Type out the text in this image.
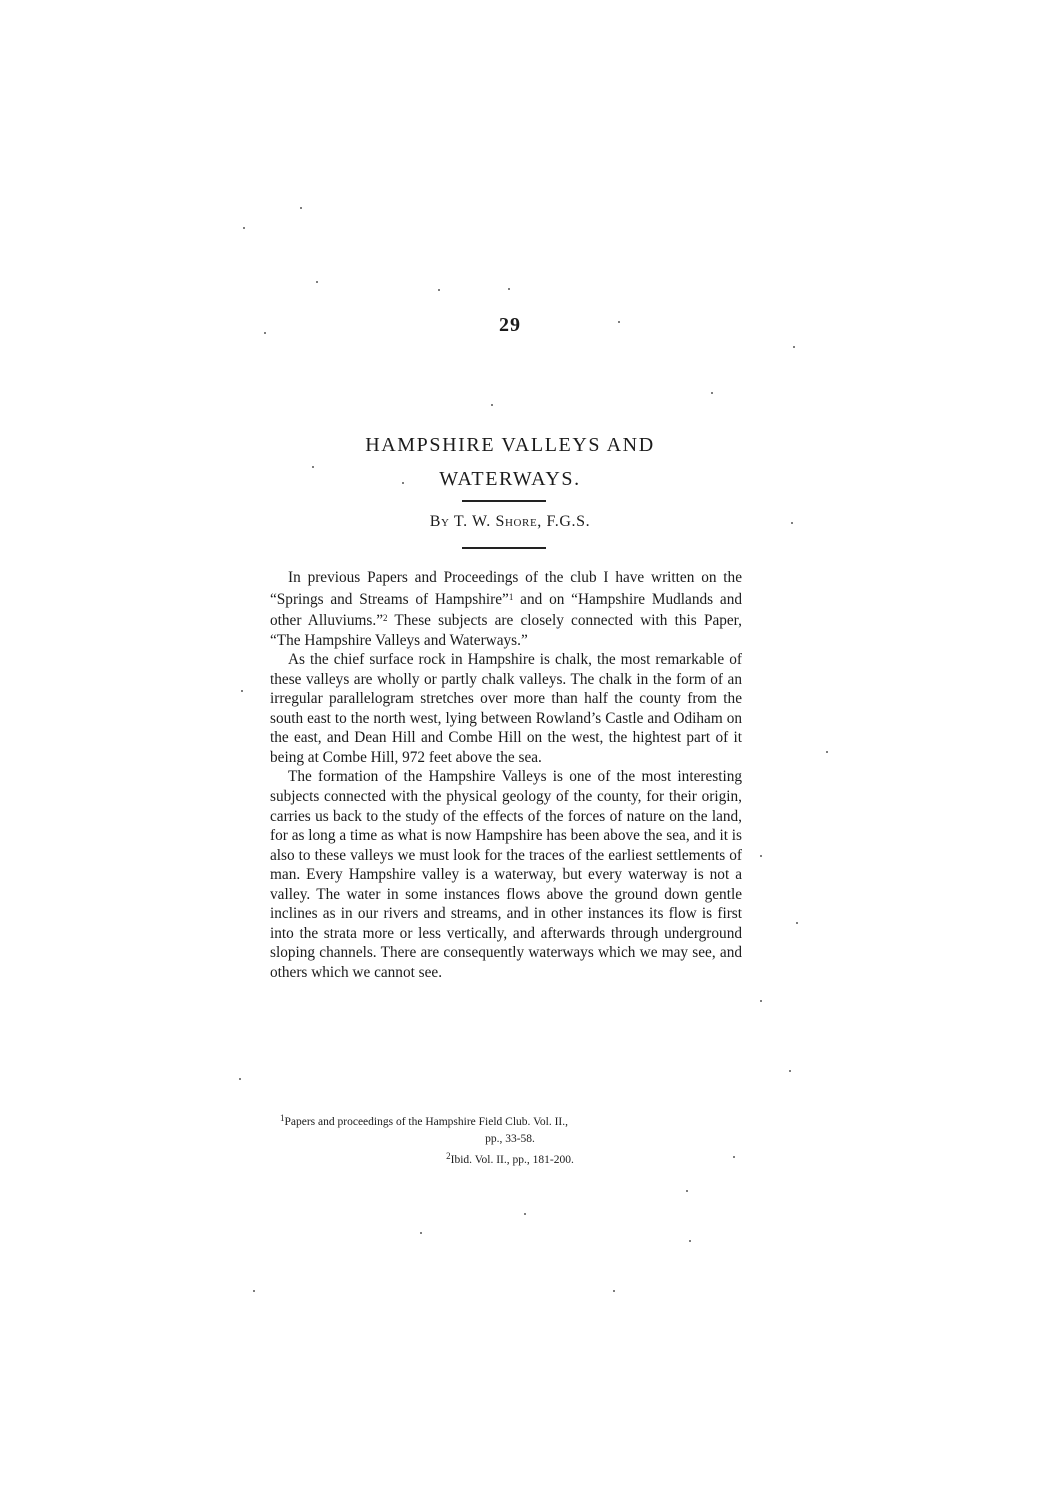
29
HAMPSHIRE VALLEYS AND
WATERWAYS.
By T. W. Shore, F.G.S.

In previous Papers and Proceedings of the club I have written on the “Springs and Streams of Hampshire”$^1$ and on “Hampshire Mudlands and other Alluviums.”$^2$ These subjects are closely connected with this Paper, “The Hampshire Valleys and Waterways.”

As the chief surface rock in Hampshire is chalk, the most remarkable of these valleys are wholly or partly chalk valleys. The chalk in the form of an irregular parallelogram stretches over more than half the county from the south east to the north west, lying between Rowland’s Castle and Odiham on the east, and Dean Hill and Combe Hill on the west, the hightest part of it being at Combe Hill, 972 feet above the sea.

The formation of the Hampshire Valleys is one of the most interesting subjects connected with the physical geology of the county, for their origin, carries us back to the study of the effects of the forces of nature on the land, for as long a time as what is now Hampshire has been above the sea, and it is also to these valleys we must look for the traces of the earliest settlements of man. Every Hampshire valley is a waterway, but every waterway is not a valley. The water in some instances flows above the ground down gentle inclines as in our rivers and streams, and in other instances its flow is first into the strata more or less vertically, and afterwards through underground sloping channels. There are consequently waterways which we may see, and others which we cannot see.

$^1$Papers and proceedings of the Hampshire Field Club. Vol. II.,
pp., 33-58.
$^2$Ibid. Vol. II., pp., 181-200.
